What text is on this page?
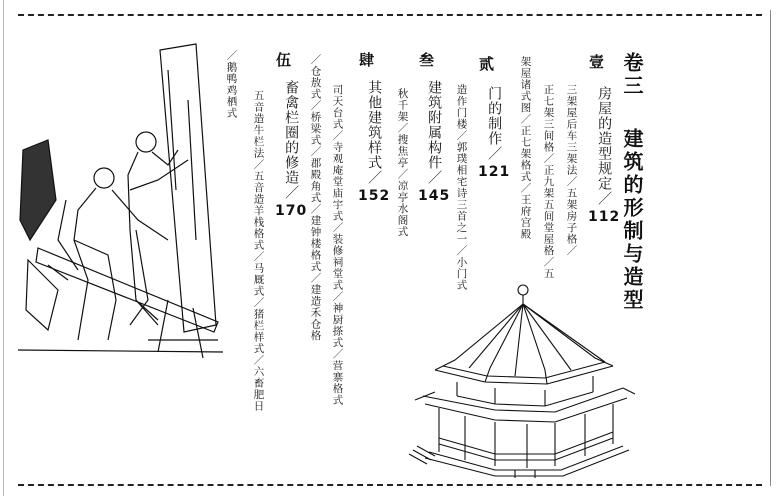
卷三 建筑的形制与造型
壹
房屋的造型规定／112
三架屋后车三架法／五架房子格／
正七架三间格／正九架五间堂屋格／五
架屋诸式图／正七架格式／王府宫殿
贰
门的制作／121
造作门楼／郭璞相宅诗三首之一／小门式
叁
建筑附属构件／145
秋千架／搜焦亭／凉亭水阁式
肆
其他建筑样式／152
司天台式／寺观庵堂庙宇式／装修祠堂式／神厨搽式／营寨格式
／仓敖式／桥梁式／郡殿角式／建钟楼格式／建造禾仓格
伍
畜禽栏圈的修造／170
五音造牛栏法／五音造羊栈格式／马厩式／猪栏样式／六畜肥日
／鹅鸭鸡栖式
